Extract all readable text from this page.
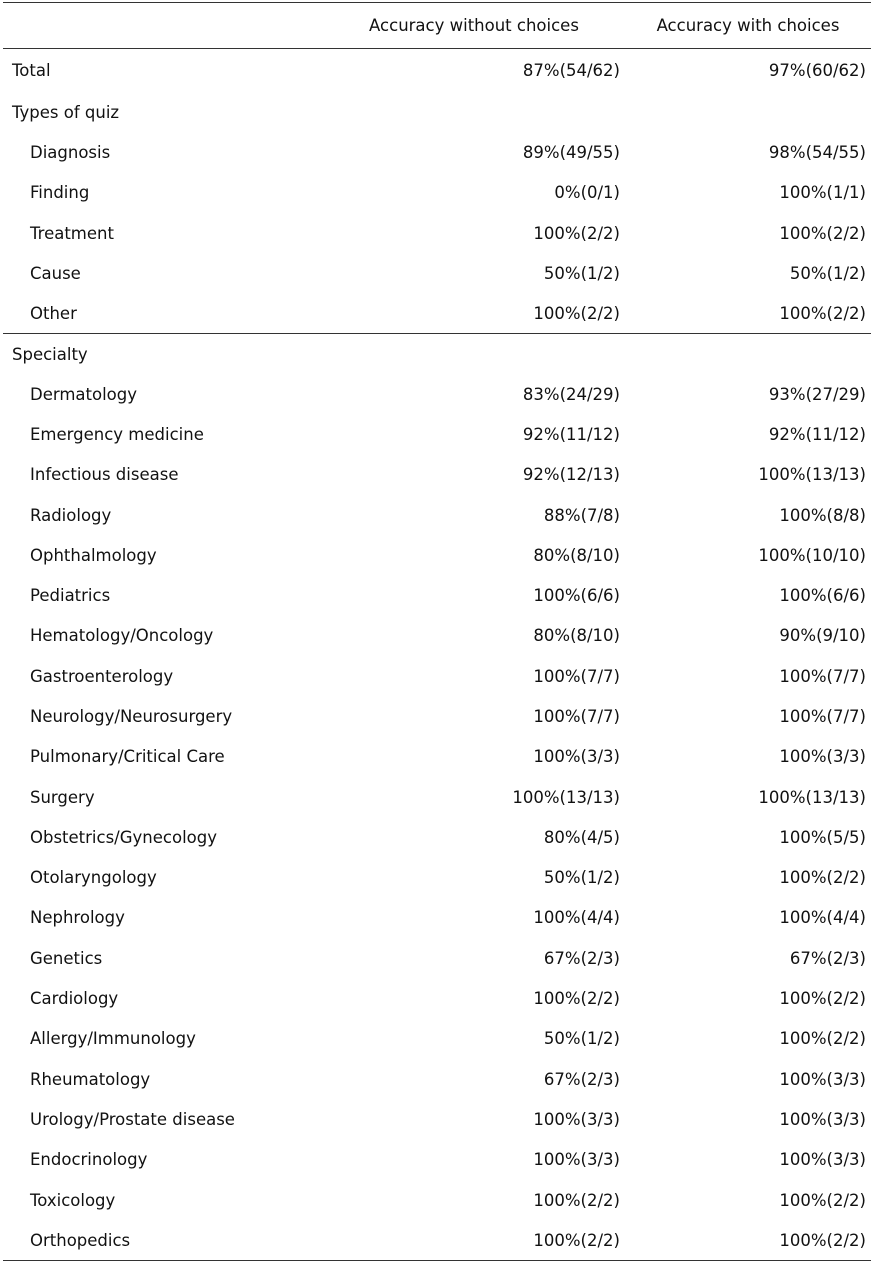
	Accuracy without choices	Accuracy with choices
Total	87%(54/62)	97%(60/62)
Types of quiz		
Diagnosis	89%(49/55)	98%(54/55)
Finding	0%(0/1)	100%(1/1)
Treatment	100%(2/2)	100%(2/2)
Cause	50%(1/2)	50%(1/2)
Other	100%(2/2)	100%(2/2)
Specialty		
Dermatology	83%(24/29)	93%(27/29)
Emergency medicine	92%(11/12)	92%(11/12)
Infectious disease	92%(12/13)	100%(13/13)
Radiology	88%(7/8)	100%(8/8)
Ophthalmology	80%(8/10)	100%(10/10)
Pediatrics	100%(6/6)	100%(6/6)
Hematology/Oncology	80%(8/10)	90%(9/10)
Gastroenterology	100%(7/7)	100%(7/7)
Neurology/Neurosurgery	100%(7/7)	100%(7/7)
Pulmonary/Critical Care	100%(3/3)	100%(3/3)
Surgery	100%(13/13)	100%(13/13)
Obstetrics/Gynecology	80%(4/5)	100%(5/5)
Otolaryngology	50%(1/2)	100%(2/2)
Nephrology	100%(4/4)	100%(4/4)
Genetics	67%(2/3)	67%(2/3)
Cardiology	100%(2/2)	100%(2/2)
Allergy/Immunology	50%(1/2)	100%(2/2)
Rheumatology	67%(2/3)	100%(3/3)
Urology/Prostate disease	100%(3/3)	100%(3/3)
Endocrinology	100%(3/3)	100%(3/3)
Toxicology	100%(2/2)	100%(2/2)
Orthopedics	100%(2/2)	100%(2/2)
